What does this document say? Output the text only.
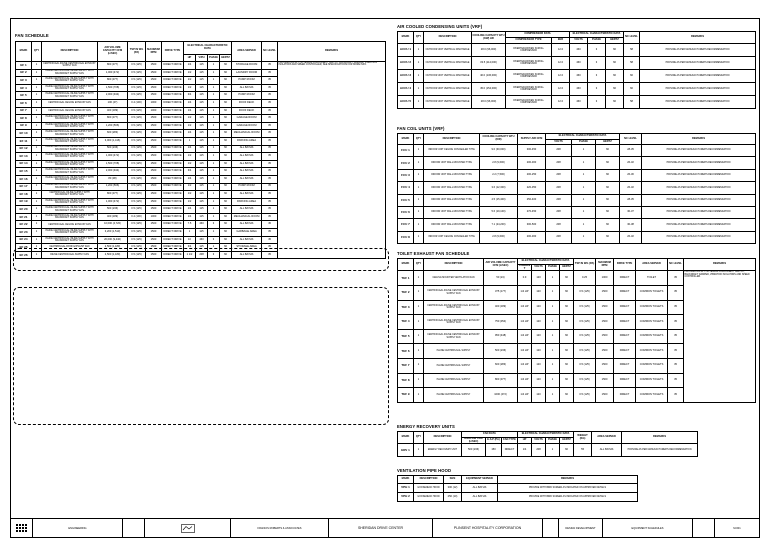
FAN SCHEDULE
MARK	QTY	DESCRIPTION	AIR VOLUME CAPACITY CFM (L/SEC)	TSP IN WG (PA)	MAXIMUM RPM	DRIVE TYPE	ELECTRICAL CHARACTERISTIC DATA				AREA SERVED	NC LEVEL	REMARKS
							HP	V/PH	PHASE	HERTZ			
EF 1	1	CENTRIFUGAL INLINE CENTRIFUGAL EXHAUST SUPPLY FAN	800 (377)	0.5 (125)	1500	DIRECT DRIVE	1/4	115	1	60	STORAGE ROOM	35	PROVIDE FAN WITH INTEGRAL DISCONNECT SWITCH, BACKDRAFT DAMPER, VIBRATION ISOLATORS AND SPEED CONTROLLER, SEE SPECIFICATIONS FOR MORE INFO.
EF 2	1	INLINE CENTRIFUGAL INLINE SUPPLY WITH BACKDRAFT SUPPLY FAN	1,000 (472)	0.5 (125)	1500	DIRECT DRIVE	1/2	115	1	60	LAUNDRY ROOM	35	
EF 3	1	INLINE CENTRIFUGAL INLINE SUPPLY WITH BACKDRAFT SUPPLY FAN	800 (377)	0.5 (125)	1500	DIRECT DRIVE	1/2	115	1	60	PUMP ROOM	35	
EF 4	1	INLINE CENTRIFUGAL INLINE SUPPLY WITH BACKDRAFT SUPPLY FAN	1,500 (708)	0.5 (125)	1500	DIRECT DRIVE	1/2	115	1	60	ALL BATHS	35	
EF 5	1	INLINE CENTRIFUGAL INLINE SUPPLY WITH BACKDRAFT SUPPLY FAN	2,000 (944)	0.5 (125)	1500	DIRECT DRIVE	3/4	115	1	60	PUMP ROOM	35	
EF 6	1	CENTRIFUGAL CEILING EXHAUST FAN	100 (47)	0.4 (100)	1000	DIRECT DRIVE	1/4	115	1	60	ROOF DECK	35	
EF 7	1	CENTRIFUGAL CEILING EXHAUST FAN	400 (189)	0.5 (125)	1000	DIRECT DRIVE	1/4	115	1	60	ROOF DECK	35	
EF 8	1	INLINE CENTRIFUGAL INLINE SUPPLY WITH BACKDRAFT SUPPLY FAN	800 (377)	0.5 (125)	1500	DIRECT DRIVE	1/2	115	1	60	GARAGE ROOM	35	
EF 9	1	INLINE CENTRIFUGAL INLINE SUPPLY WITH BACKDRAFT SUPPLY FAN	1,200 (566)	0.5 (125)	1500	DIRECT DRIVE	1/2	115	1	60	GARAGE ROOM	35	
EF 10	1	INLINE CENTRIFUGAL INLINE SUPPLY WITH BACKDRAFT SUPPLY FAN	600 (283)	0.5 (125)	1500	DIRECT DRIVE	1/4	115	1	60	MECHANICAL ROOM	35	
EF 11	1	INLINE CENTRIFUGAL INLINE SUPPLY WITH BACKDRAFT SUPPLY FAN	3,000 (1,416)	0.5 (125)	1500	DIRECT DRIVE	1	115	1	60	PARKING AREA	35	
EF 12	1	INLINE CENTRIFUGAL INLINE SUPPLY WITH BACKDRAFT SUPPLY FAN	500 (236)	0.5 (125)	1500	DIRECT DRIVE	1/4	115	1	60	ALL BATHS	35	
EF 13	1	INLINE CENTRIFUGAL INLINE SUPPLY WITH BACKDRAFT SUPPLY FAN	1,000 (472)	0.5 (125)	1500	DIRECT DRIVE	1/2	115	1	60	ALL BATHS	35	
EF 14	1	INLINE CENTRIFUGAL INLINE SUPPLY WITH BACKDRAFT SUPPLY FAN	1,500 (708)	0.5 (125)	1500	DIRECT DRIVE	1/2	115	1	60	ALL BATHS	35	
EF 15	1	INLINE CENTRIFUGAL INLINE SUPPLY WITH BACKDRAFT SUPPLY FAN	2,000 (944)	0.5 (125)	1500	DIRECT DRIVE	3/4	115	1	60	ALL BATHS	35	
EF 16	1	INLINE CENTRIFUGAL INLINE SUPPLY WITH BACKDRAFT SUPPLY FAN	80 (38)	0.5 (125)	1500	DIRECT DRIVE	1/4	115	1	60	ALL BATHS	35	
EF 17	1	INLINE CENTRIFUGAL INLINE SUPPLY WITH BACKDRAFT SUPPLY FAN	1,200 (566)	0.5 (125)	1500	DIRECT DRIVE	1/2	115	1	60	PUMP ROOM	35	
EF 18	1	CENTRIFUGAL INLINE SUPPLY WITH BACKDRAFT SUPPLY FAN	800 (377)	0.5 (125)	1500	DIRECT DRIVE	1/2	115	1	60	ALL BATHS	35	
EF 19	1	INLINE CENTRIFUGAL INLINE SUPPLY WITH BACKDRAFT SUPPLY FAN	1,000 (472)	0.5 (125)	1500	DIRECT DRIVE	1/2	115	1	60	PARKING AREA	35	
EF 20	1	INLINE CENTRIFUGAL INLINE SUPPLY WITH BACKDRAFT SUPPLY FAN	500 (236)	0.5 (125)	1500	DIRECT DRIVE	1/4	115	1	60	ALL BATHS	35	
EF 21	1	INLINE CENTRIFUGAL INLINE SUPPLY WITH BACKDRAFT SUPPLY FAN	400 (189)	0.4 (100)	1000	DIRECT DRIVE	1/4	115	1	60	MECHANICAL ROOM	35	
EF 22	1	CENTRIFUGAL CEILING EXHAUST FAN	10,000 (4,720)	0.5 (125)	1500	DIRECT DRIVE	7.5	460	3	60	ALL BATHS	45	
EF 23	1	INLINE CENTRIFUGAL INLINE SUPPLY WITH BACKDRAFT SUPPLY FAN	3,200 (1,510)	0.5 (125)	1500	DIRECT DRIVE	1	115	1	60	GARBAGE AREA	35	
EF 24	1	INLINE CENTRIFUGAL INLINE SUPPLY WITH BACKDRAFT SUPPLY FAN	20,000 (9,440)	0.5 (125)	1500	DIRECT DRIVE	10	460	3	60	ALL BATHS	45	
EF 25	1	CENTRIFUGAL ROOF EXHAUST FAN	2,500 (1,180)	0.5 (125)	1500	DIRECT DRIVE	3/4	115	1	60	STORAGE AREA	35	
EF 26	1	INLINE CENTRIFUGAL SUPPLY FAN	2,500 (1,180)	0.5 (125)	1500	DIRECT DRIVE	1 1/2	208	3	60	ALL BATHS	35	
AIR COOLED CONDENSING UNITS (VRF)
MARK	QTY	DESCRIPTION	COOLING CAPACITY BTU (KW) HR	COMPRESSOR DATA		ELECTRICAL CHARACTERISTIC DATA			NC LEVEL	REMARKS
				COMPRESSOR TYPE	EER	VOLTS	PHASE	HERTZ		
ACCU 1	1	OUTDOOR UNIT VERTICAL DISCHARGE	28.0 (96,000)	INVERTER-DRIVEN SCROLL COMPRESSOR	12.0	460	3	60	58	PROVIDE AS PER MANUFACTURER'S RECOMMENDATION
ACCU 2	1	OUTDOOR UNIT VERTICAL DISCHARGE	33.5 (114,000)	INVERTER-DRIVEN SCROLL COMPRESSOR	12.0	460	3	60	58	PROVIDE AS PER MANUFACTURER'S RECOMMENDATION
ACCU 3	1	OUTDOOR UNIT VERTICAL DISCHARGE	40.0 (136,000)	INVERTER-DRIVEN SCROLL COMPRESSOR	12.0	460	3	60	60	PROVIDE AS PER MANUFACTURER'S RECOMMENDATION
ACCU 4	1	OUTDOOR UNIT VERTICAL DISCHARGE	45.0 (154,000)	INVERTER-DRIVEN SCROLL COMPRESSOR	12.0	460	3	60	60	PROVIDE AS PER MANUFACTURER'S RECOMMENDATION
ACCU 5	1	OUTDOOR UNIT VERTICAL DISCHARGE	28.0 (96,000)	INVERTER-DRIVEN SCROLL COMPRESSOR	12.0	460	3	60	58	PROVIDE AS PER MANUFACTURER'S RECOMMENDATION
FAN COIL UNITS (VRF)
MARK	QTY	DESCRIPTION	COOLING CAPACITY BTU (KW)	SUPPLY AIR CFM	ELECTRICAL CHARACTERISTIC DATA			NC LEVEL	REMARKS
					VOLTS	PHASE	HERTZ		
FCU 1	1	INDOOR UNIT CEILING CONCEALED TYPE	9.0 (30,000)	300-450	208	1	60	28-35	PROVIDE AS PER MANUFACTURER'S RECOMMENDATION
FCU 2	1	INDOOR UNIT WALL MOUNTED TYPE	2.8 (9,600)	200-300	208	1	60	26-32	PROVIDE AS PER MANUFACTURER'S RECOMMENDATION
FCU 3	1	INDOOR UNIT WALL MOUNTED TYPE	2.2 (7,500)	200-250	208	1	60	26-30	PROVIDE AS PER MANUFACTURER'S RECOMMENDATION
FCU 4	1	INDOOR UNIT WALL MOUNTED TYPE	3.6 (12,300)	220-350	208	1	60	26-32	PROVIDE AS PER MANUFACTURER'S RECOMMENDATION
FCU 5	1	INDOOR UNIT WALL MOUNTED TYPE	4.5 (15,400)	250-400	208	1	60	28-35	PROVIDE AS PER MANUFACTURER'S RECOMMENDATION
FCU 6	1	INDOOR UNIT WALL MOUNTED TYPE	5.6 (19,100)	270-450	208	1	60	30-37	PROVIDE AS PER MANUFACTURER'S RECOMMENDATION
FCU 7	1	INDOOR UNIT WALL MOUNTED TYPE	7.1 (24,200)	300-500	208	1	60	30-38	PROVIDE AS PER MANUFACTURER'S RECOMMENDATION
FCU 8	1	INDOOR UNIT CEILING CONCEALED TYPE	2.8 (9,600)	200-300	208	1	60	26-32	PROVIDE AS PER MANUFACTURER'S RECOMMENDATION
TOILET EXHAUST FAN SCHEDULE
MARK	QTY	DESCRIPTION	AIR VOLUME CAPACITY CFM (L/SEC)	ELECTRICAL CHARACTERISTIC DATA				TSP IN WG (PA)	MAXIMUM RPM	DRIVE TYPE	AREA SERVED	NC LEVEL	REMARKS
				CURRENT	VOLTS	PHASE	HERTZ						
TEF 1	1	CEILING MOUNTED VENTILATION FAN	50 (24)	0.9	120	1	60	0.25	1000	DIRECT	TOILET	35	PROVIDE FAN WITH INTEGRAL DISCONNECT SWITCH, BACKDRAFT DAMPER, VIBRATION ISOLATORS AND SPEED CONTROLLER.
TEF 2	1	CENTRIFUGAL INLINE CENTRIFUGAL EXHAUST SUPPLY FAN	375 (177)	1/4 HP	120	1	60	0.5 (125)	1500	DIRECT	COMMON TOILETS	35	
TEF 3	1	CENTRIFUGAL INLINE CENTRIFUGAL EXHAUST SUPPLY FAN	400 (189)	1/4 HP	120	1	60	0.5 (125)	1500	DIRECT	COMMON TOILETS	35	
TEF 4	1	CENTRIFUGAL INLINE CENTRIFUGAL EXHAUST SUPPLY FAN	750 (354)	1/4 HP	120	1	60	0.5 (125)	1500	DIRECT	COMMON TOILETS	35	
TEF 5	1	CENTRIFUGAL INLINE CENTRIFUGAL EXHAUST SUPPLY FAN	950 (448)	1/4 HP	120	1	60	0.5 (125)	1500	DIRECT	COMMON TOILETS	35	
TEF 6	1	INLINE CENTRIFUGAL SUPPLY	500 (236)	1/4 HP	120	1	60	0.5 (125)	1500	DIRECT	COMMON TOILETS	35	
TEF 7	1	INLINE CENTRIFUGAL SUPPLY	600 (283)	1/4 HP	120	1	60	0.5 (125)	1500	DIRECT	COMMON TOILETS	35	
TEF 8	1	INLINE CENTRIFUGAL SUPPLY	800 (377)	1/4 HP	120	1	60	0.5 (125)	1500	DIRECT	COMMON TOILETS	35	
TEF 9	1	INLINE CENTRIFUGAL SUPPLY	1000 (472)	1/4 HP	120	1	60	0.5 (125)	1500	DIRECT	COMMON TOILETS	35	
ENERGY RECOVERY UNITS
MARK	QTY	DESCRIPTION	FAN DATA			ELECTRICAL CHARACTERISTIC DATA				WEIGHT (KG)	AREA SERVED	REMARKS
			AIRFLOW CFM (L/SEC)	E.S.P (PA)	FAN TYPE	HP	VOLTS	PHASE	HERTZ			
ERV 1	1	ENERGY RECOVERY UNIT	500 (236)	150	DIRECT	1/4	208	1	60	55	ALL BATHS	PROVIDE AS PER MANUFACTURER'S RECOMMENDATION
VENTILATION PIPE HOOD
MARK	DESCRIPTION	SIZE	EQUIPMENT SERVED	REMARKS
VPH 1	GOOSENECK HOOD	300 (12)	ALL BATHS	PROVIDE WITH BIRD SCREEN AS INDICATED ON APPROVED DETAILS
VPH 2	GOOSENECK HOOD	250 (10)	ALL BATHS	PROVIDE WITH BIRD SCREEN AS INDICATED ON APPROVED DETAILS
ENGINEERING	FRANCIS ROBERTS & ASSOCIATES	SHERIDAN DRIVE CENTER	PLINSENT HOSPITALITY CORPORATION	DESIGN DEVELOPMENT	EQUIPMENT SCHEDULES	M-601
